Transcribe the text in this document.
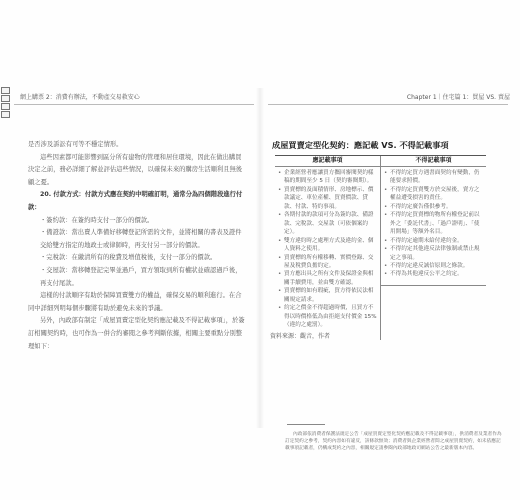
網上購票 2：消費有辦法，不動產交易救安心	Chapter 1｜住宅篇 1：買屋 VS. 賣屋

是否涉及訴訟有可等不穩定情形。

這些因素都可能影響到區分所有建物的管理和居住環境，因此在做出購買決定之前，務必詳細了解並評估這些情況，以確保未來的購房生活順利且無後顧之憂。

20. 付款方式：付款方式應在契約中明確訂明，通常分為四個階段進行付款：

・簽約款：在簽約時支付一部分的價款。

・備證款：當出賣人準備好移轉登記所需的文件，並將相關的書表及證件交給雙方指定的地政士或律師時，再支付另一部分的價款。

・完稅款：在繳清所有的稅費及增值稅後，支付一部分的價款。

・交屋款：當移轉登記完畢並過戶，買方領取到所有權狀並確認過戶後，再支付尾款。

這樣的付款順序有助於保障買賣雙方的權益，確保交易的順利進行。在合同中詳細列明每個步驟將有助於避免未來的爭議。

另外，內政部有制定「成屋買賣定型化契約應記載及不得記載事項」，於簽訂相關契約時，也可作為一併合約審閱之參考判斷依據，相關主要重點分別整理如下：

成屋買賣定型化契約：應記載 VS. 不得記載事項
應記載事項
• 企業經營者應讓買方攜回審閱契約樣稿的期間至少 5 日（契約審閱期）。
• 買賣標的及面積情形、房地標示、價款議定、車位產權、買賣價款、貸款、付款、特約事項。
• 各期付款的款項可分為簽約款、備證款、完稅款、交屋款（可依個案約定）。
• 雙方違約時之處理方式及違約金、個人資料之使用。
• 買賣標的所有權移轉、實價登錄、交屋及稅費負擔約定。
• 買方應出具之所有文件及保證金與相關手續費用，並由雙方確認。
• 買賣標的如有瑕疵，買方得依民法相關規定請求。
• 約定之價金不得超過時價，且買方不得以時價格低為由拒絕支付價金 15%（違約之處罰）。
不得記載事項
• 不得約定買方遇書面契約有變動，仍能要求照價。
• 不得約定買賣雙方於交屋後，賣方之權益遭受損害的責任。
• 不得約定廣告僅供參考。
• 不得約定買賣標的物所有權登記前以外之「委託代書」、「過戶證明」、「使用開場」等額外名目。
• 不得約定逾期未給付違約金。
• 不得約定其他違反法律強制或禁止規定之事項。
• 不得約定違反誠信原則之條款。
• 不得為其他違反公平之約定。
資料來源：觀音，作者
內政部依消費者保護法規定公告「成屋買賣定型化契約應記載及不得記載事項」，供消費者及業者作為訂定契約之參考，契約內容如有違反，該條款無效；消費者與企業經營者間之成屋買賣契約，如未依應記載事項記載者，仍構成契約之內容，相關規定請參閱內政部地政司網站公告之最新版本內容。
